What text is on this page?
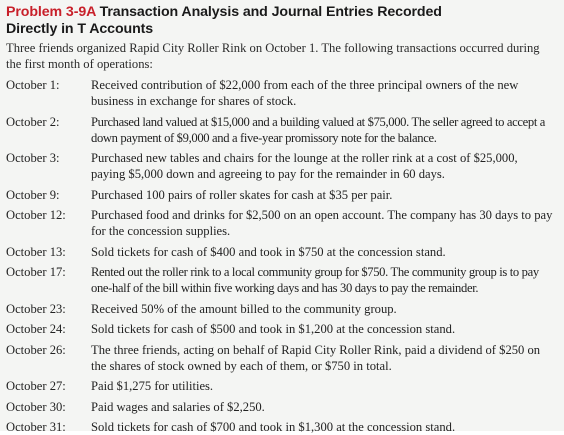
Problem 3-9A Transaction Analysis and Journal Entries Recorded
Directly in T Accounts

Three friends organized Rapid City Roller Rink on October 1. The following transactions occurred during the first month of operations:

October 1:	Received contribution of $22,000 from each of the three principal owners of the new business in exchange for shares of stock.
October 2:	Purchased land valued at $15,000 and a building valued at $75,000. The seller agreed to accept a down payment of $9,000 and a five-year promissory note for the balance.
October 3:	Purchased new tables and chairs for the lounge at the roller rink at a cost of $25,000, paying $5,000 down and agreeing to pay for the remainder in 60 days.
October 9:	Purchased 100 pairs of roller skates for cash at $35 per pair.
October 12:	Purchased food and drinks for $2,500 on an open account. The company has 30 days to pay for the concession supplies.
October 13:	Sold tickets for cash of $400 and took in $750 at the concession stand.
October 17:	Rented out the roller rink to a local community group for $750. The community group is to pay one-half of the bill within five working days and has 30 days to pay the remainder.
October 23:	Received 50% of the amount billed to the community group.
October 24:	Sold tickets for cash of $500 and took in $1,200 at the concession stand.
October 26:	The three friends, acting on behalf of Rapid City Roller Rink, paid a dividend of $250 on the shares of stock owned by each of them, or $750 in total.
October 27:	Paid $1,275 for utilities.
October 30:	Paid wages and salaries of $2,250.
October 31:	Sold tickets for cash of $700 and took in $1,300 at the concession stand.
